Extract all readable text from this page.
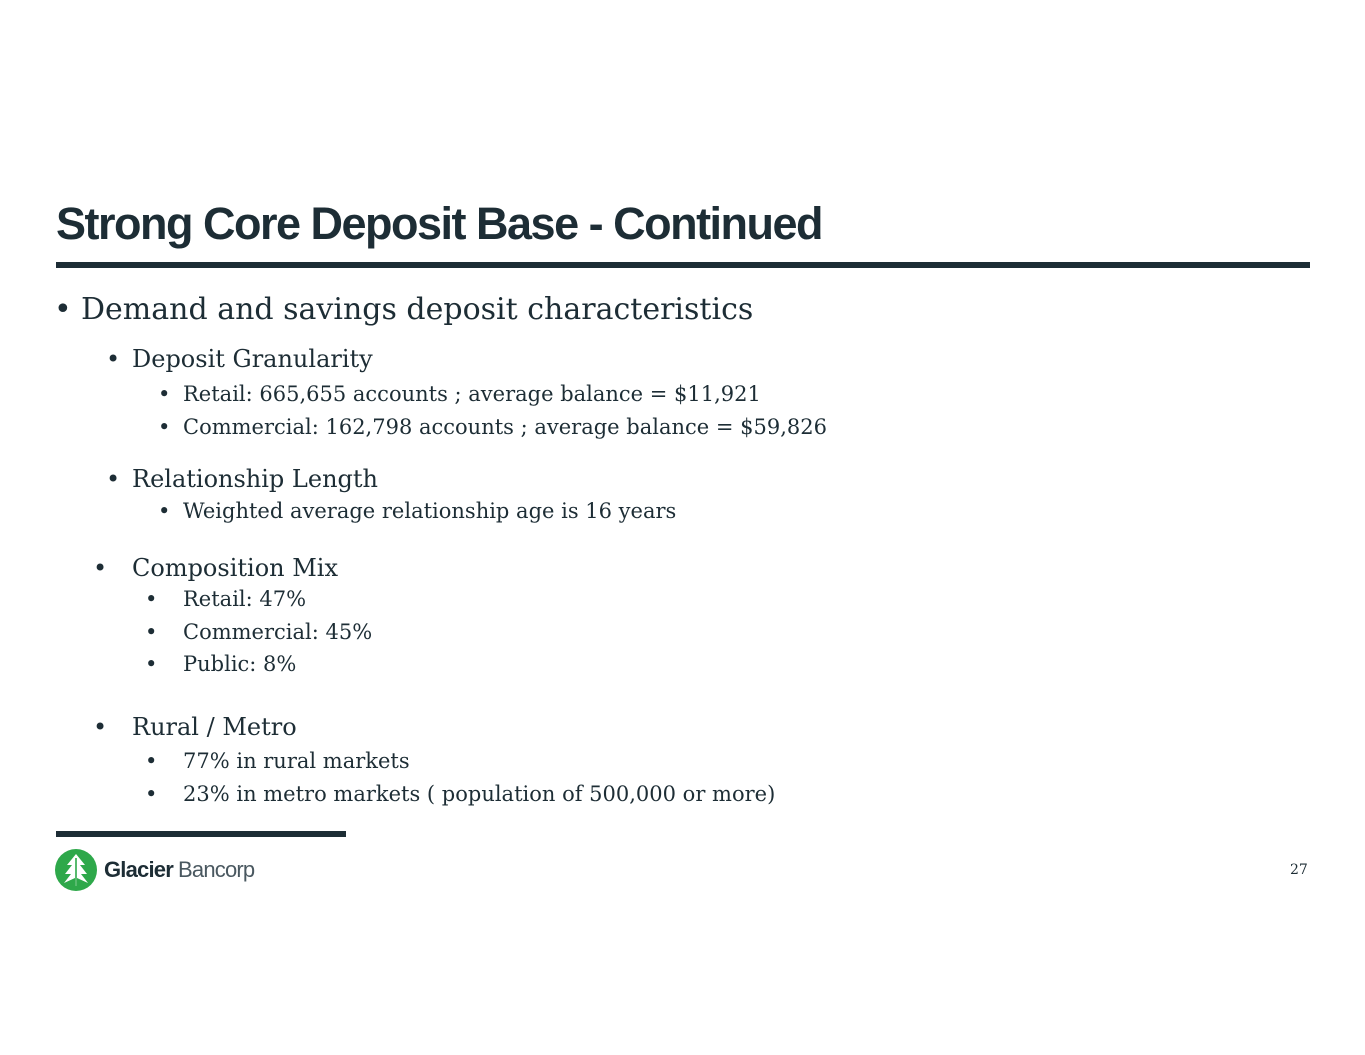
Strong Core Deposit Base - Continued
• Demand and savings deposit characteristics
• Deposit Granularity
• Retail: 665,655 accounts ; average balance = $11,921
• Commercial: 162,798 accounts ; average balance = $59,826
• Relationship Length
• Weighted average relationship age is 16 years
• Composition Mix
• Retail: 47%
• Commercial: 45%
• Public: 8%
• Rural / Metro
• 77% in rural markets
• 23% in metro markets ( population of 500,000 or more)
Glacier Bancorp	27
